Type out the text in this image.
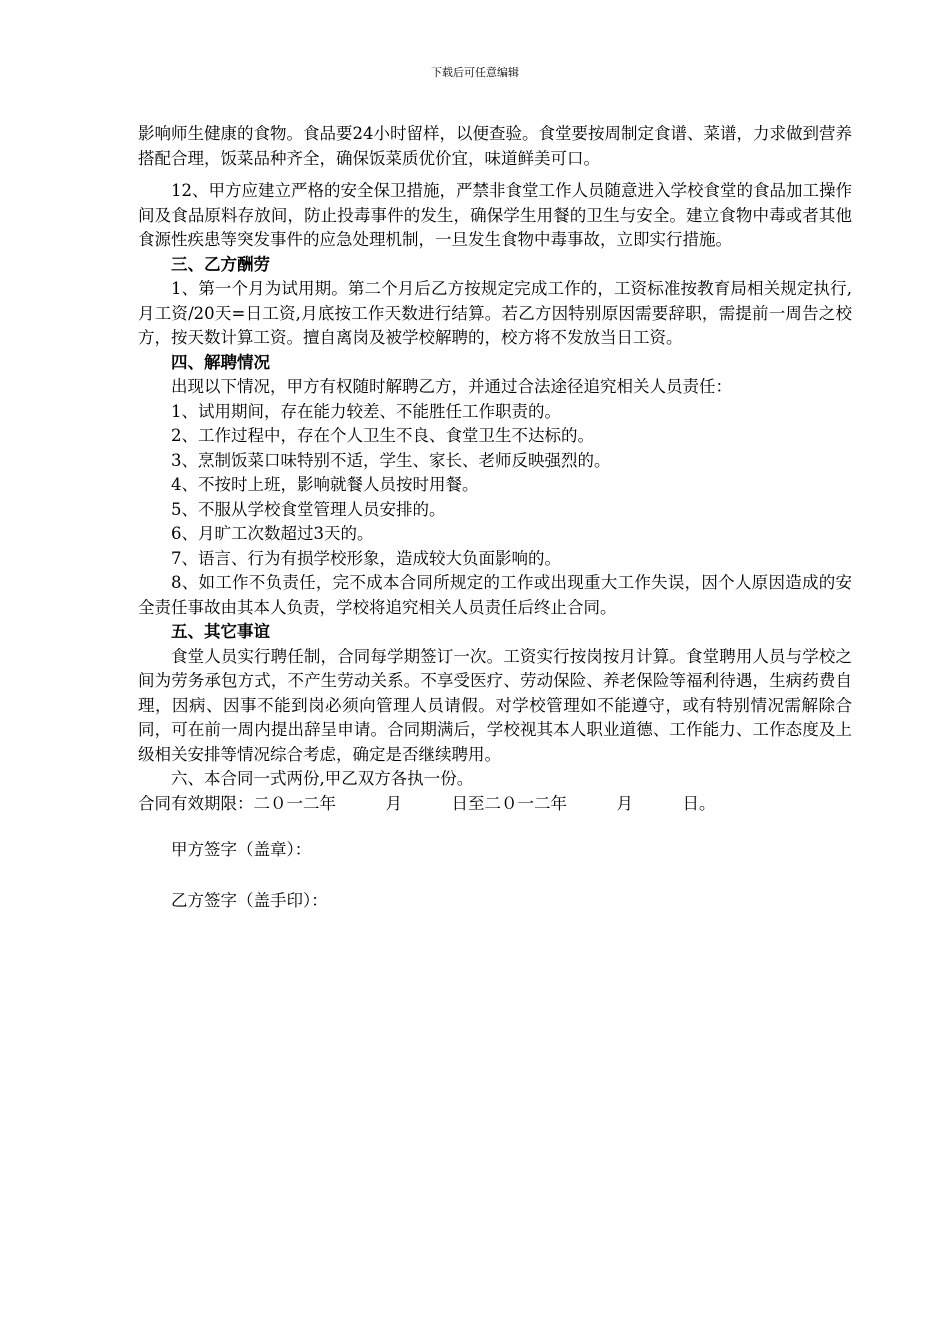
下载后可任意编辑

影响师生健康的食物。食品要24小时留样，以便查验。食堂要按周制定食谱、菜谱，力求做到营养搭配合理，饭菜品种齐全，确保饭菜质优价宜，味道鲜美可口。

12、甲方应建立严格的安全保卫措施，严禁非食堂工作人员随意进入学校食堂的食品加工操作间及食品原料存放间，防止投毒事件的发生，确保学生用餐的卫生与安全。建立食物中毒或者其他食源性疾患等突发事件的应急处理机制，一旦发生食物中毒事故，立即实行措施。

三、乙方酬劳

1、第一个月为试用期。第二个月后乙方按规定完成工作的，工资标准按教育局相关规定执行,月工资/20天=日工资,月底按工作天数进行结算。若乙方因特别原因需要辞职，需提前一周告之校方，按天数计算工资。擅自离岗及被学校解聘的，校方将不发放当日工资。

四、解聘情况

出现以下情况，甲方有权随时解聘乙方，并通过合法途径追究相关人员责任：

1、试用期间，存在能力较差、不能胜任工作职责的。

2、工作过程中，存在个人卫生不良、食堂卫生不达标的。

3、烹制饭菜口味特别不适，学生、家长、老师反映强烈的。

4、不按时上班，影响就餐人员按时用餐。

5、不服从学校食堂管理人员安排的。

6、月旷工次数超过3天的。

7、语言、行为有损学校形象，造成较大负面影响的。

8、如工作不负责任，完不成本合同所规定的工作或出现重大工作失误，因个人原因造成的安全责任事故由其本人负责，学校将追究相关人员责任后终止合同。

五、其它事谊

食堂人员实行聘任制，合同每学期签订一次。工资实行按岗按月计算。食堂聘用人员与学校之间为劳务承包方式，不产生劳动关系。不享受医疗、劳动保险、养老保险等福利待遇，生病药费自理，因病、因事不能到岗必须向管理人员请假。对学校管理如不能遵守，或有特别情况需解除合同，可在前一周内提出辞呈申请。合同期满后，学校视其本人职业道德、工作能力、工作态度及上级相关安排等情况综合考虑，确定是否继续聘用。

六、本合同一式两份,甲乙双方各执一份。

合同有效期限：二０一二年　　　月　　　日至二０一二年　　　月　　　日。

甲方签字（盖章）：

乙方签字（盖手印）：
